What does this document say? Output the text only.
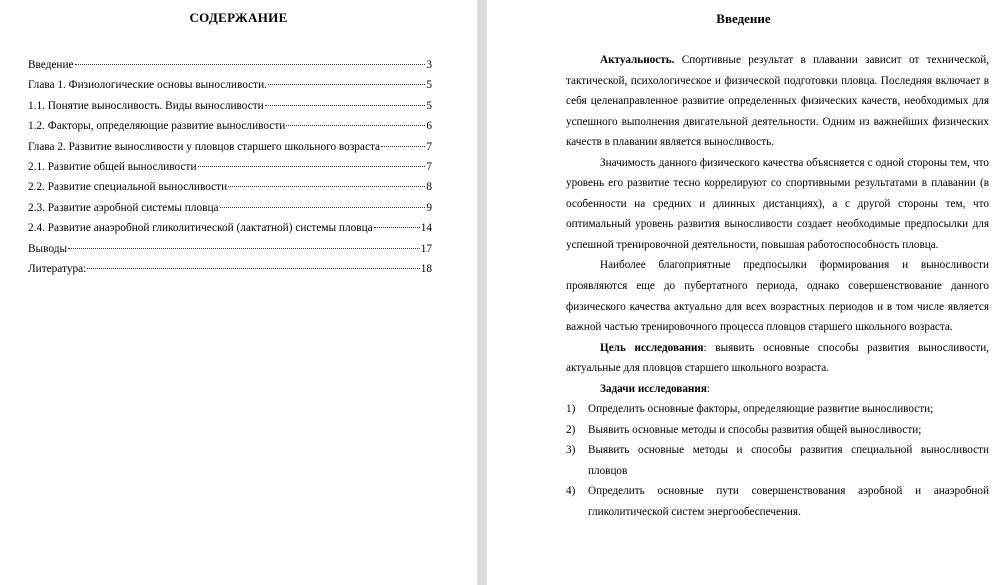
СОДЕРЖАНИЕ
Введение	3
Глава 1. Физиологические основы выносливости.	5
1.1. Понятие выносливость. Виды выносливости	5
1.2. Факторы, определяющие развитие выносливости	6
Глава 2. Развитие выносливости у пловцов старшего школьного возраста	7
2.1. Развитие общей выносливости	7
2.2. Развитие специальной выносливости	8
2.3. Развитие аэробной системы пловца	9
2.4. Развитие анаэробной гликолитической (лактатной) системы пловца	14
Выводы	17
Литература:	18
Введение

Актуальность. Спортивные результат в плавании зависит от технической, тактической, психологическое и физической подготовки пловца. Последняя включает в себя целенаправленное развитие определенных физических качеств, необходимых для успешного выполнения двигательной деятельности. Одним из важнейших физических качеств в плавании является выносливость.

Значимость данного физического качества объясняется с одной стороны тем, что уровень его развитие тесно коррелируют со спортивными результатами в плавании (в особенности на средних и длинных дистанциях), а с другой стороны тем, что оптимальный уровень развития выносливости создает необходимые предпосылки для успешной тренировочной деятельности, повышая работоспособность пловца.

Наиболее благоприятные предпосылки формирования и выносливости проявляются еще до пубертатного периода, однако совершенствование данного физического качества актуально для всех возрастных периодов и в том числе является важной частью тренировочного процесса пловцов старшего школьного возраста.

Цель исследования: выявить основные способы развития выносливости, актуальные для пловцов старшего школьного возраста.

Задачи исследования:

1)	Определить основные факторы, определяющие развитие выносливости;
2)	Выявить основные методы и способы развития общей выносливости;
3)	Выявить основные методы и способы развития специальной выносливости пловцов
4)	Определить основные пути совершенствования аэробной и анаэробной гликолитической систем энергообеспечения.
